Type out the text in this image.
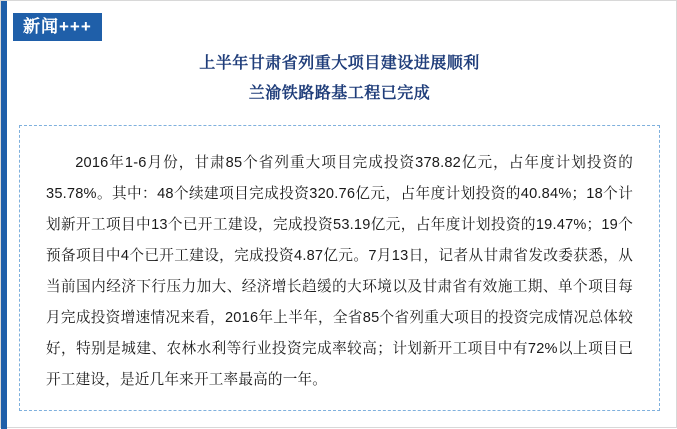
新闻+++
上半年甘肃省列重大项目建设进展顺利
兰渝铁路路基工程已完成

2016年1-6月份，甘肃85个省列重大项目完成投资378.82亿元，占年度计划投资的35.78%。其中：48个续建项目完成投资320.76亿元，占年度计划投资的40.84%；18个计划新开工项目中13个已开工建设，完成投资53.19亿元，占年度计划投资的19.47%；19个预备项目中4个已开工建设，完成投资4.87亿元。7月13日，记者从甘肃省发改委获悉，从当前国内经济下行压力加大、经济增长趋缓的大环境以及甘肃省有效施工期、单个项目每月完成投资增速情况来看，2016年上半年，全省85个省列重大项目的投资完成情况总体较好，特别是城建、农林水利等行业投资完成率较高；计划新开工项目中有72%以上项目已开工建设，是近几年来开工率最高的一年。
